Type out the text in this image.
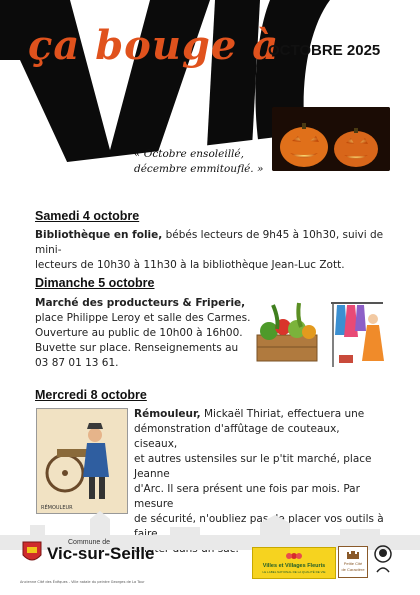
ça bouge à
OCTOBRE 2025
« Octobre ensoleillé,
décembre emmitouflé. »
Samedi 4 octobre
Bibliothèque en folie, bébés lecteurs de 9h45 à 10h30, suivi de mini-
lecteurs de 10h30 à 11h30 à la bibliothèque Jean-Luc Zott.
Dimanche 5 octobre
Marché des producteurs & Friperie,
place Philippe Leroy et salle des Carmes.
Ouverture au public de 10h00 à 16h00.
Buvette sur place. Renseignements au
03 87 01 13 61.
Mercredi 8 octobre
RÉMOULEUR
Rémouleur, Mickaël Thiriat, effectuera une
démonstration d'affûtage de couteaux, ciseaux,
et autres ustensiles sur le p'tit marché, place Jeanne
d'Arc. Il sera présent une fois par mois. Par mesure
de sécurité, n'oubliez pas de placer vos outils à faire
Commune de
Vic-sur-Seille
Ancienne Cité des Évêques - Ville natale du peintre Georges de La Tour
Villes et Villages Fleuris
LE LABEL NATIONAL DE LA QUALITÉ DE VIE
Petite Cité
de Caractère
